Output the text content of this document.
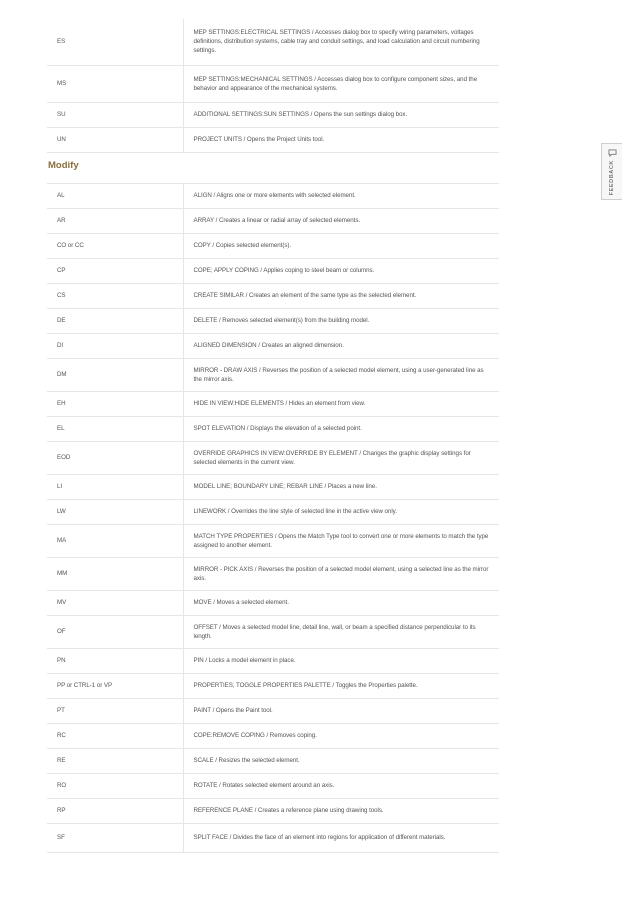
ES	MEP SETTINGS:ELECTRICAL SETTINGS / Accesses dialog box to specify wiring parameters, voltages definitions, distribution systems, cable tray and conduit settings, and load calculation and circuit numbering settings.
MS	MEP SETTINGS:MECHANICAL SETTINGS / Accesses dialog box to configure component sizes, and the behavior and appearance of the mechanical systems.
SU	ADDITIONAL SETTINGS:SUN SETTINGS / Opens the sun settings dialog box.
UN	PROJECT UNITS / Opens the Project Units tool.
Modify
AL	ALIGN / Aligns one or more elements with selected element.
AR	ARRAY / Creates a linear or radial array of selected elements.
CO or CC	COPY / Copies selected element(s).
CP	COPE; APPLY COPING / Applies coping to steel beam or columns.
CS	CREATE SIMILAR / Creates an element of the same type as the selected element.
DE	DELETE / Removes selected element(s) from the building model.
DI	ALIGNED DIMENSION / Creates an aligned dimension.
DM	MIRROR - DRAW AXIS / Reverses the position of a selected model element, using a user-generated line as the mirror axis.
EH	HIDE IN VIEW:HIDE ELEMENTS / Hides an element from view.
EL	SPOT ELEVATION / Displays the elevation of a selected point.
EOD	OVERRIDE GRAPHICS IN VIEW:OVERRIDE BY ELEMENT / Changes the graphic display settings for selected elements in the current view.
LI	MODEL LINE; BOUNDARY LINE; REBAR LINE / Places a new line.
LW	LINEWORK / Overrides the line style of selected line in the active view only.
MA	MATCH TYPE PROPERTIES / Opens the Match Type tool to convert one or more elements to match the type assigned to another element.
MM	MIRROR - PICK AXIS / Reverses the position of a selected model element, using a selected line as the mirror axis.
MV	MOVE / Moves a selected element.
OF	OFFSET / Moves a selected model line, detail line, wall, or beam a specified distance perpendicular to its length.
PN	PIN / Locks a model element in place.
PP or CTRL-1 or VP	PROPERTIES; TOGGLE PROPERTIES PALETTE / Toggles the Properties palette.
PT	PAINT / Opens the Paint tool.
RC	COPE:REMOVE COPING / Removes coping.
RE	SCALE / Resizes the selected element.
RO	ROTATE / Rotates selected element around an axis.
RP	REFERENCE PLANE / Creates a reference plane using drawing tools.
SF	SPLIT FACE / Divides the face of an element into regions for application of different materials.
FEEDBACK
